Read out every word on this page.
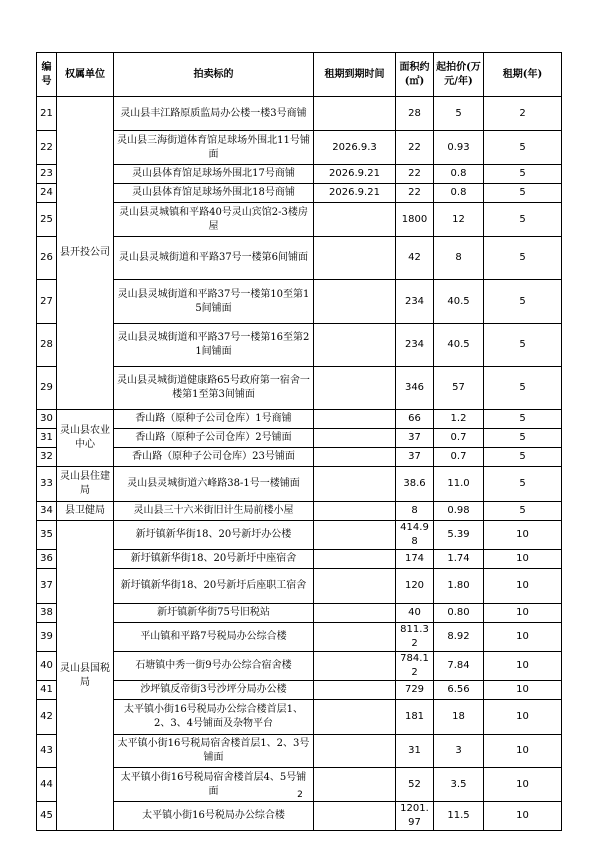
编号	权属单位	拍卖标的	租期到期时间	面积约(㎡)	起拍价(万元/年)	租期(年)
21	县开投公司	灵山县丰江路原质监局办公楼一楼3号商铺		28	5	2
22		灵山县三海街道体育馆足球场外围北11号铺面	2026.9.3	22	0.93	5
23		灵山县体育馆足球场外围北17号商铺	2026.9.21	22	0.8	5
24		灵山县体育馆足球场外围北18号商铺	2026.9.21	22	0.8	5
25		灵山县灵城镇和平路40号灵山宾馆2-3楼房屋		1800	12	5
26		灵山县灵城街道和平路37号一楼第6间铺面		42	8	5
27		灵山县灵城街道和平路37号一楼第10至第15间铺面		234	40.5	5
28		灵山县灵城街道和平路37号一楼第16至第21间铺面		234	40.5	5
29		灵山县灵城街道健康路65号政府第一宿舍一楼第1至第3间铺面		346	57	5
30	灵山县农业中心	香山路（原种子公司仓库）1号商铺		66	1.2	5
31		香山路（原种子公司仓库）2号铺面		37	0.7	5
32		香山路（原种子公司仓库）23号铺面		37	0.7	5
33	灵山县住建局	灵山县灵城街道六峰路38-1号一楼铺面		38.6	11.0	5
34	县卫健局	灵山县三十六米街旧计生局前楼小屋		8	0.98	5
35	灵山县国税局	新圩镇新华街18、20号新圩办公楼		414.98	5.39	10
36		新圩镇新华街18、20号新圩中座宿舍		174	1.74	10
37		新圩镇新华街18、20号新圩后座职工宿舍		120	1.80	10
38		新圩镇新华街75号旧税站		40	0.80	10
39		平山镇和平路7号税局办公综合楼		811.32	8.92	10
40		石塘镇中秀一街9号办公综合宿舍楼		784.12	7.84	10
41		沙坪镇反帝街3号沙坪分局办公楼		729	6.56	10
42		太平镇小街16号税局办公综合楼首层1、2、3、4号铺面及杂物平台		181	18	10
43		太平镇小街16号税局宿舍楼首层1、2、3号铺面		31	3	10
44		太平镇小街16号税局宿舍楼首层4、5号铺面		52	3.5	10
45		太平镇小街16号税局办公综合楼		1201.97	11.5	10
2
